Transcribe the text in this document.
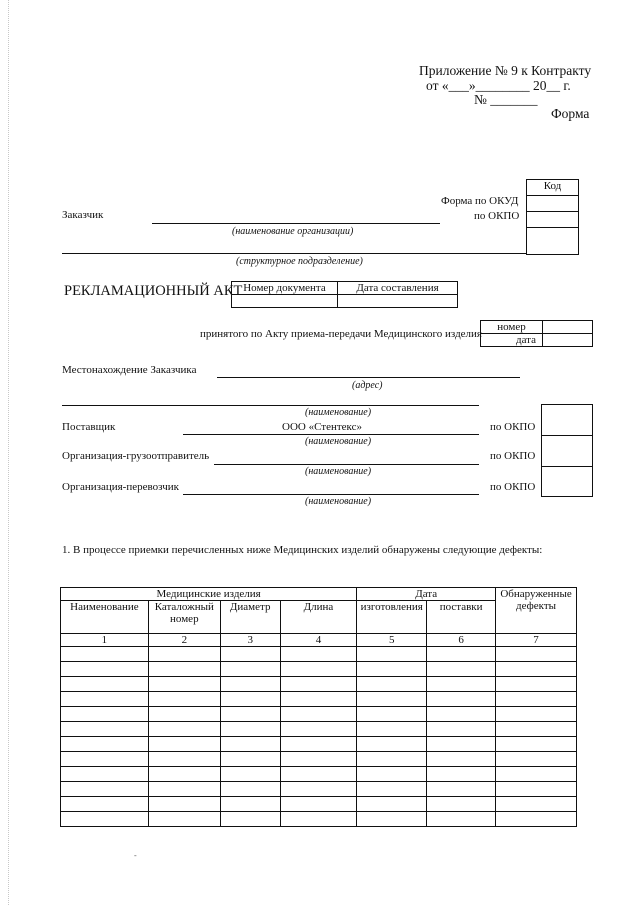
Приложение № 9 к Контракту
от «___»________ 20__ г.
№ _______
Форма
Код

Форма по ОКУД
по ОКПО
Заказчик
(наименование организации)
(структурное подразделение)
РЕКЛАМАЦИОННЫЙ АКТ Номер документа	Дата составления

принятого по Акту приема-передачи Медицинского изделия
номер	
дата	
Местонахождение Заказчика
(адрес)
(наименование)

Поставщик	ООО «Стентекс»
(наименование)
по ОКПО
Организация-грузоотправитель
(наименование)
по ОКПО
Организация-перевозчик
(наименование)
по ОКПО
1. В процессе приемки перечисленных ниже Медицинских изделий обнаружены следующие дефекты:
Медицинские изделия				Дата		Обнаруженные дефекты
Наименование	Каталожный номер	Диаметр	Длина	изготовления	поставки	
1	2	3	4	5	6	7

-
